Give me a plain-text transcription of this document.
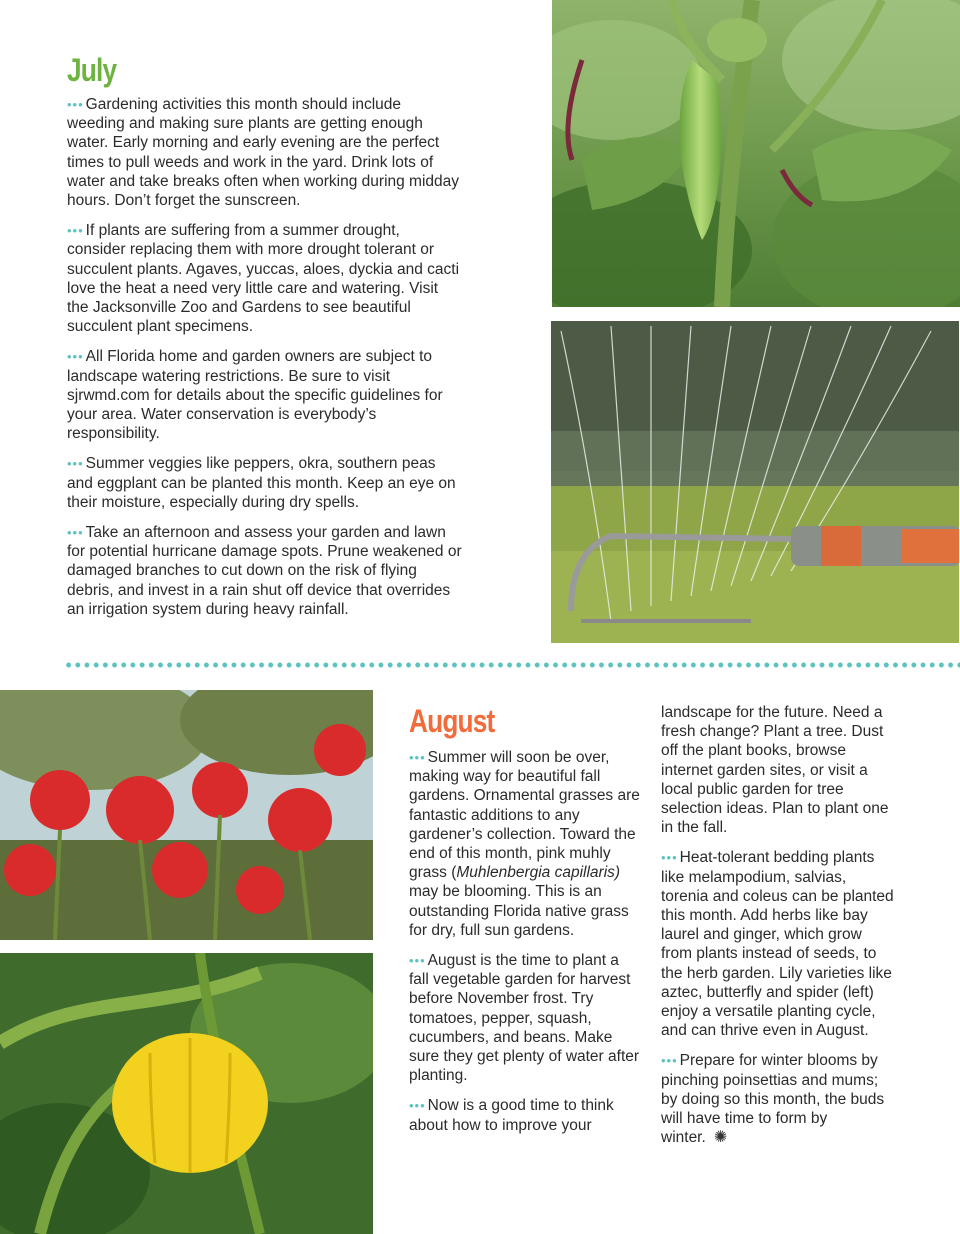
July

••• Gardening activities this month should include weeding and making sure plants are getting enough water. Early morning and early evening are the perfect times to pull weeds and work in the yard. Drink lots of water and take breaks often when working during midday hours. Don’t forget the sunscreen.

••• If plants are suffering from a summer drought, consider replacing them with more drought tolerant or succulent plants. Agaves, yuccas, aloes, dyckia and cacti love the heat a need very little care and watering. Visit the Jacksonville Zoo and Gardens to see beautiful succulent plant specimens.

••• All Florida home and garden owners are subject to landscape watering restrictions. Be sure to visit sjrwmd.com for details about the specific guidelines for your area. Water conservation is everybody’s responsibility.

••• Summer veggies like peppers, okra, southern peas and eggplant can be planted this month. Keep an eye on their moisture, especially during dry spells.

••• Take an afternoon and assess your garden and lawn for potential hurricane damage spots. Prune weakened or damaged branches to cut down on the risk of flying debris, and invest in a rain shut off device that overrides an irrigation system during heavy rainfall.

August

••• Summer will soon be over, making way for beautiful fall gardens. Ornamental grasses are fantastic additions to any gardener’s collection. Toward the end of this month, pink muhly grass (Muhlenbergia capillaris) may be blooming. This is an outstanding Florida native grass for dry, full sun gardens.

••• August is the time to plant a fall vegetable garden for harvest before November frost. Try tomatoes, pepper, squash, cucumbers, and beans. Make sure they get plenty of water after planting.

••• Now is a good time to think about how to improve your

landscape for the future. Need a fresh change? Plant a tree. Dust off the plant books, browse internet garden sites, or visit a local public garden for tree selection ideas. Plan to plant one in the fall.

••• Heat-tolerant bedding plants like melampodium, salvias, torenia and coleus can be planted this month. Add herbs like bay laurel and ginger, which grow from plants instead of seeds, to the herb garden. Lily varieties like aztec, butterfly and spider (left) enjoy a versatile planting cycle, and can thrive even in August.

••• Prepare for winter blooms by pinching poinsettias and mums; by doing so this month, the buds will have time to form by winter. ✺
